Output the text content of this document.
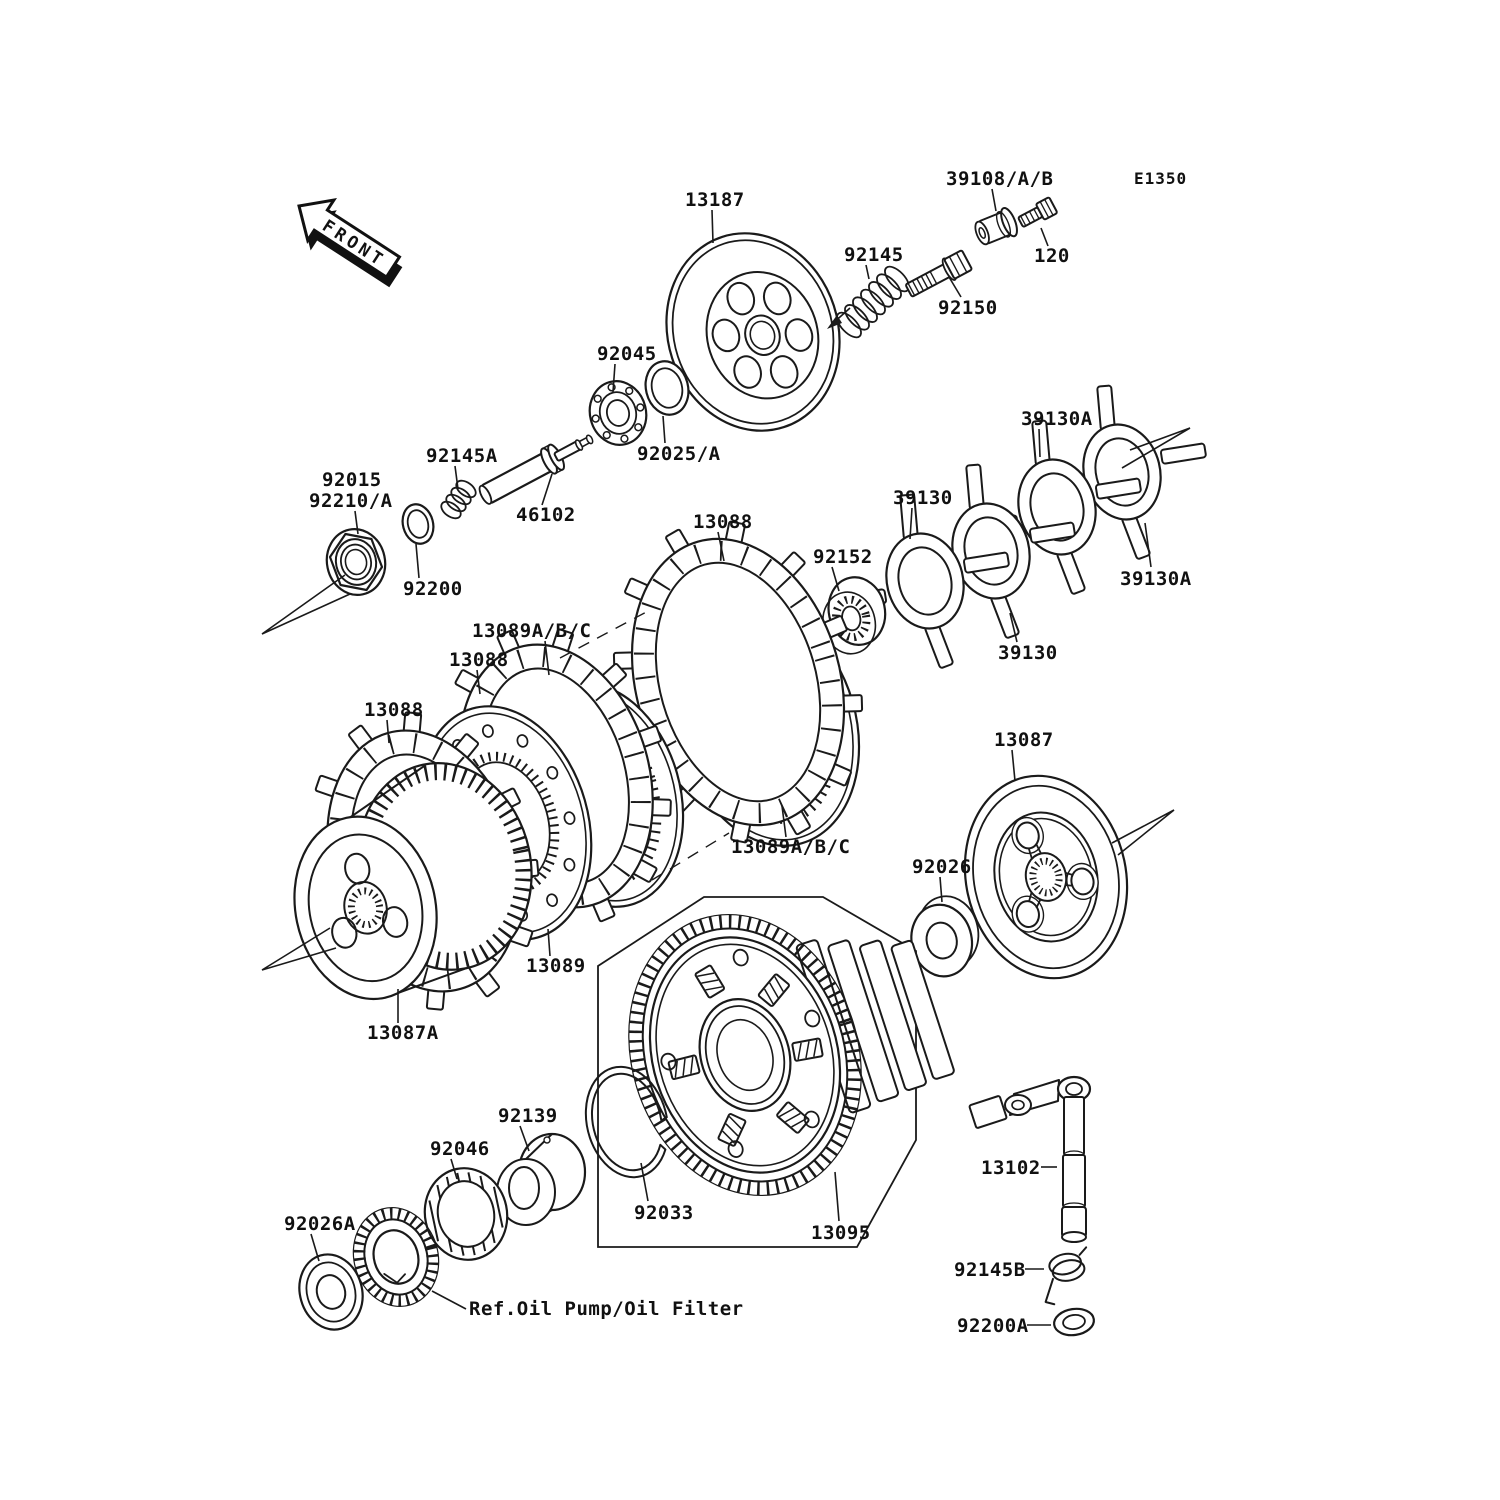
FRONT
13187
92145
39108/A/B	E1350
120
92150
92045
92025/A
92145A
46102
92015
92210/A
92200
13088
13088
13088
13089A/B/C
13089A/B/C
92152
39130A
39130
39130A
39130
13087
92026
13089
13087A
92033
13095
92139
92046
92026A
Ref.Oil Pump/Oil Filter
13102
92145B
92200A
